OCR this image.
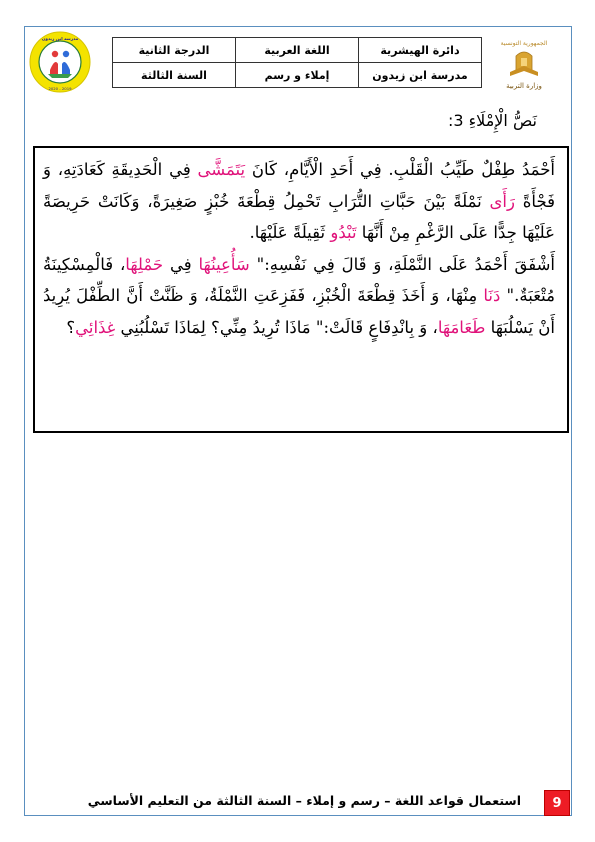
الجمهورية التونسية
وزارة التربية
مدرسة ابن زيدون
2020 - 2019
دائرة الهيشرية	اللغة العربية	الدرجة الثانية
مدرسة ابن زيدون	إملاء و رسم	السنة الثالثة
نَصُّ الْإِمْلَاءِ 3:

أَحْمَدُ طِفْلٌ طَيِّبُ الْقَلْبِ. فِي أَحَدِ الْأَيَّامِ، كَانَ يَتَمَشَّى فِي الْحَدِيقَةِ كَعَادَتِهِ، وَ فَجْأَةً رَأَى نَمْلَةً بَيْنَ حَبَّاتِ التُّرَابِ تَحْمِلُ قِطْعَةَ خُبْزٍ صَغِيرَةً، وَكَانَتْ حَرِيصَةً عَلَيْهَا جِدًّا عَلَى الرَّغْمِ مِنْ أَنَّهَا تَبْدُو ثَقِيلَةً عَلَيْهَا.

أَشْفَقَ أَحْمَدُ عَلَى النَّمْلَةِ، وَ قَالَ فِي نَفْسِهِ:" سَأُعِينُهَا فِي حَمْلِهَا، فَالْمِسْكِينَةُ مُتْعَبَةٌ." دَنَا مِنْهَا، وَ أَخَذَ قِطْعَةَ الْخُبْزِ، فَفَزِعَتِ النَّمْلَةُ، وَ ظَنَّتْ أَنَّ الطِّفْلَ يُرِيدُ أَنْ يَسْلُبَهَا طَعَامَهَا، وَ بِانْدِفَاعٍ قَالَتْ:" مَاذَا تُرِيدُ مِنِّي؟ لِمَاذَا تَسْلُبُنِي غِذَائِي؟

استعمال قواعد اللغة – رسم و إملاء – السنة الثالثة من التعليم الأساسي	9
